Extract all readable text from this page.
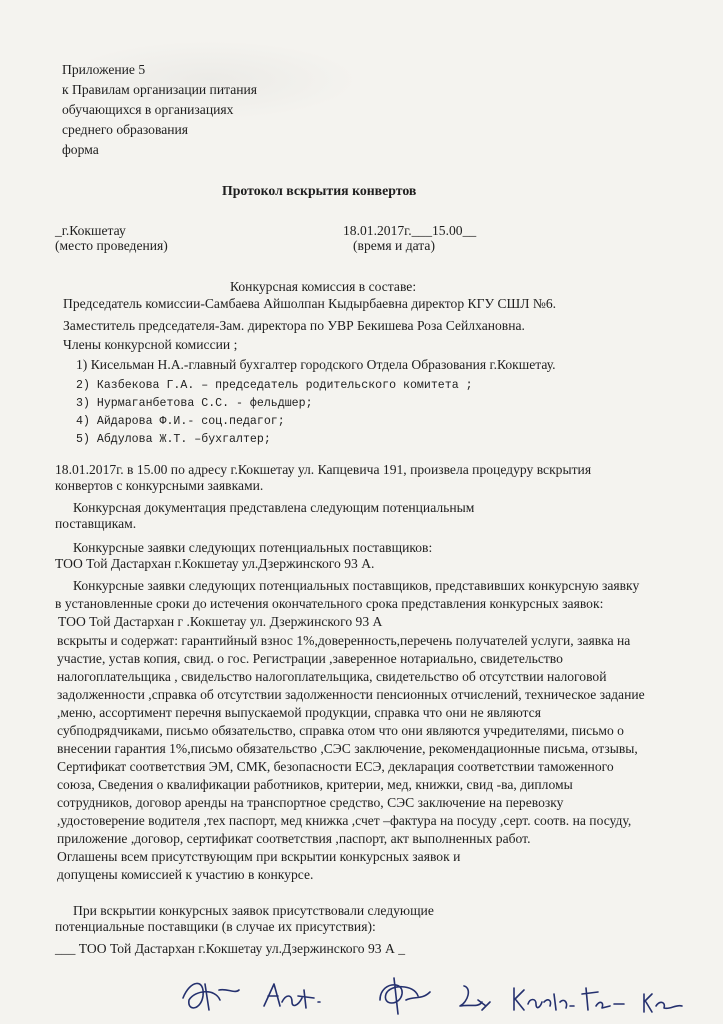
Приложение 5
к Правилам организации питания
обучающихся в организациях
среднего образования
форма
Протокол вскрытия конвертов
_г.Кокшетау
(место проведения)
18.01.2017г.___15.00__
(время и дата)
Конкурсная комиссия в составе:
Председатель комиссии-Самбаева Айшолпан Кыдырбаевна директор КГУ СШЛ №6.
Заместитель председателя-Зам. директора по УВР Бекишева Роза Сейлхановна.
Члены конкурсной комиссии ;
1) Кисельман Н.А.-главный бухгалтер городского Отдела Образования г.Кокшетау.
2) Казбекова Г.А. – председатель родительского комитета ;
3) Нурмаганбетова С.С. - фельдшер;
4) Айдарова Ф.И.- соц.педагог;
5) Абдулова Ж.Т. –бухгалтер;
18.01.2017г. в 15.00 по адресу г.Кокшетау ул. Капцевича 191, произвела процедуру вскрытия
конвертов с конкурсными заявками.
Конкурсная документация представлена следующим потенциальным
поставщикам.
Конкурсные заявки следующих потенциальных поставщиков:
ТОО Той Дастархан г.Кокшетау ул.Дзержинского 93 А.
Конкурсные заявки следующих потенциальных поставщиков, представивших конкурсную заявку
в установленные сроки до истечения окончательного срока представления конкурсных заявок:
ТОО Той Дастархан г .Кокшетау ул. Дзержинского 93 А
вскрыты и содержат: гарантийный взнос 1%,доверенность,перечень получателей услуги, заявка на
участие, устав копия, свид. о гос. Регистрации ,заверенное нотариально, свидетельство
налогоплательщика , свидельство налогоплательщика, свидетельство об отсутствии налоговой
задолженности ,справка об отсутствии задолженности пенсионных отчислений, техническое задание
,меню, ассортимент перечня выпускаемой продукции, справка что они не являются
субподрядчиками, письмо обязательство, справка отом что они являются учредителями, письмо о
внесении гарантия 1%,письмо обязательство ,СЭС заключение, рекомендационные письма, отзывы,
Сертификат соответствия ЭМ, СМК, безопасности ЕСЭ, декларация соответствии таможенного
союза, Сведения о квалификации работников, критерии, мед, книжки, свид -ва, дипломы
сотрудников, договор аренды на транспортное средство, СЭС заключение на перевозку
,удостоверение водителя ,тех паспорт, мед книжка ,счет –фактура на посуду ,серт. соотв. на посуду,
приложение ,договор, сертификат соответствия ,паспорт, акт выполненных работ.
Оглашены всем присутствующим при вскрытии конкурсных заявок и
допущены комиссией к участию в конкурсе.
При вскрытии конкурсных заявок присутствовали следующие
потенциальные поставщики (в случае их присутствия):
___ ТОО Той Дастархан г.Кокшетау ул.Дзержинского 93 А _
